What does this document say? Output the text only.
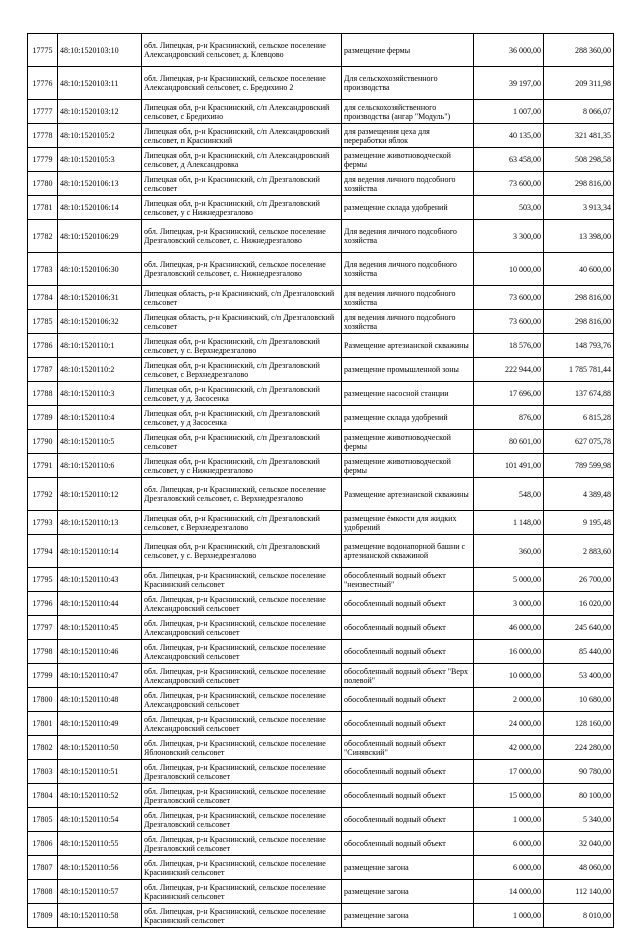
17775	48:10:1520103:10	обл. Липецкая, р-н Краснинский, сельское поселение Александровский сельсовет, д. Клевцово	размещение фермы	36 000,00	288 360,00
17776	48:10:1520103:11	обл. Липецкая, р-н Краснинский, сельское поселение Александровский сельсовет, с. Бредихино 2	Для сельскохозяйственного производства	39 197,00	209 311,98
17777	48:10:1520103:12	Липецкая обл, р-н Краснинский, с/п Александровский сельсовет, с Бредихино	для сельскохозяйственного производства (ангар "Модуль")	1 007,00	8 066,07
17778	48:10:1520105:2	Липецкая обл, р-н Краснинский, с/п Александровский сельсовет, п Краснинский	для размещения цеха для переработки яблок	40 135,00	321 481,35
17779	48:10:1520105:3	Липецкая обл, р-н Краснинский, с/п Александровский сельсовет, д Александровка	размещение животноводческой фермы	63 458,00	508 298,58
17780	48:10:1520106:13	Липецкая обл, р-н Краснинский, с/п Дрезгаловский сельсовет	для ведения личного подсобного хозяйства	73 600,00	298 816,00
17781	48:10:1520106:14	Липецкая обл, р-н Краснинский, с/п Дрезгаловский сельсовет, у с Нижнедрезгалово	размещение склада удобрений	503,00	3 913,34
17782	48:10:1520106:29	обл. Липецкая, р-н Краснинский, сельское поселение Дрезгаловский сельсовет, с. Нижнедрезгалово	Для ведения личного подсобного хозяйства	3 300,00	13 398,00
17783	48:10:1520106:30	обл. Липецкая, р-н Краснинский, сельское поселение Дрезгаловский сельсовет, с. Нижнедрезгалово	Для ведения личного подсобного хозяйства	10 000,00	40 600,00
17784	48:10:1520106:31	Липецкая область, р-н Краснинский, с/п Дрезгаловский сельсовет	для ведения личного подсобного хозяйства	73 600,00	298 816,00
17785	48:10:1520106:32	Липецкая область, р-н Краснинский, с/п Дрезгаловский сельсовет	для ведения личного подсобного хозяйства	73 600,00	298 816,00
17786	48:10:1520110:1	Липецкая обл, р-н Краснинский, с/п Дрезгаловский сельсовет, у с. Верхнедрезгалово	Размещение артезианской скважины	18 576,00	148 793,76
17787	48:10:1520110:2	Липецкая обл, р-н Краснинский, с/п Дрезгаловский сельсовет, с Верхнедрезгалово	размещение промышленной зоны	222 944,00	1 785 781,44
17788	48:10:1520110:3	Липецкая обл, р-н Краснинский, с/п Дрезгаловский сельсовет, у д. Засосенка	размещение насосной станции	17 696,00	137 674,88
17789	48:10:1520110:4	Липецкая обл, р-н Краснинский, с/п Дрезгаловский сельсовет, у д Засосенка	размещение склада удобрений	876,00	6 815,28
17790	48:10:1520110:5	Липецкая обл, р-н Краснинский, с/п Дрезгаловский сельсовет	размещение животноводческой фермы	80 601,00	627 075,78
17791	48:10:1520110:6	Липецкая обл, р-н Краснинский, с/п Дрезгаловский сельсовет, у с Нижнедрезгалово	размещение животноводческой фермы	101 491,00	789 599,98
17792	48:10:1520110:12	обл. Липецкая, р-н Краснинский, сельское поселение Дрезгаловский сельсовет, с. Верхнедрезгалово	Размещение артезианской скважины	548,00	4 389,48
17793	48:10:1520110:13	Липецкая обл, р-н Краснинский, с/п Дрезгаловский сельсовет, с Верхнедрезгалово	размещение ёмкости для жидких удобрений	1 148,00	9 195,48
17794	48:10:1520110:14	Липецкая обл, р-н Краснинский, с/п Дрезгаловский сельсовет, у с. Верхнедрезгалово	размещение водонапорной башни с артезианской скважиной	360,00	2 883,60
17795	48:10:1520110:43	обл. Липецкая, р-н Краснинский, сельское поселение Краснинский сельсовет	обособленный водный объект "неизвестный"	5 000,00	26 700,00
17796	48:10:1520110:44	обл. Липецкая, р-н Краснинский, сельское поселение Александровский сельсовет	обособленный водный объект	3 000,00	16 020,00
17797	48:10:1520110:45	обл. Липецкая, р-н Краснинский, сельское поселение Александровский сельсовет	обособленный водный объект	46 000,00	245 640,00
17798	48:10:1520110:46	обл. Липецкая, р-н Краснинский, сельское поселение Александровский сельсовет	обособленный водный объект	16 000,00	85 440,00
17799	48:10:1520110:47	обл. Липецкая, р-н Краснинский, сельское поселение Александровский сельсовет	обособленный водный объект "Верх полевой"	10 000,00	53 400,00
17800	48:10:1520110:48	обл. Липецкая, р-н Краснинский, сельское поселение Александровский сельсовет	обособленный водный объект	2 000,00	10 680,00
17801	48:10:1520110:49	обл. Липецкая, р-н Краснинский, сельское поселение Александровский сельсовет	обособленный водный объект	24 000,00	128 160,00
17802	48:10:1520110:50	обл. Липецкая, р-н Краснинский, сельское поселение Яблоновский сельсовет	обособленный водный объект "Синявский"	42 000,00	224 280,00
17803	48:10:1520110:51	обл. Липецкая, р-н Краснинский, сельское поселение Дрезгаловский сельсовет	обособленный водный объект	17 000,00	90 780,00
17804	48:10:1520110:52	обл. Липецкая, р-н Краснинский, сельское поселение Дрезгаловский сельсовет	обособленный водный объект	15 000,00	80 100,00
17805	48:10:1520110:54	обл. Липецкая, р-н Краснинский, сельское поселение Дрезгаловский сельсовет	обособленный водный объект	1 000,00	5 340,00
17806	48:10:1520110:55	обл. Липецкая, р-н Краснинский, сельское поселение Дрезгаловский сельсовет	обособленный водный объект	6 000,00	32 040,00
17807	48:10:1520110:56	обл. Липецкая, р-н Краснинский, сельское поселение Краснинский сельсовет	размещение загона	6 000,00	48 060,00
17808	48:10:1520110:57	обл. Липецкая, р-н Краснинский, сельское поселение Краснинский сельсовет	размещение загона	14 000,00	112 140,00
17809	48:10:1520110:58	обл. Липецкая, р-н Краснинский, сельское поселение Краснинский сельсовет	размещение загона	1 000,00	8 010,00
